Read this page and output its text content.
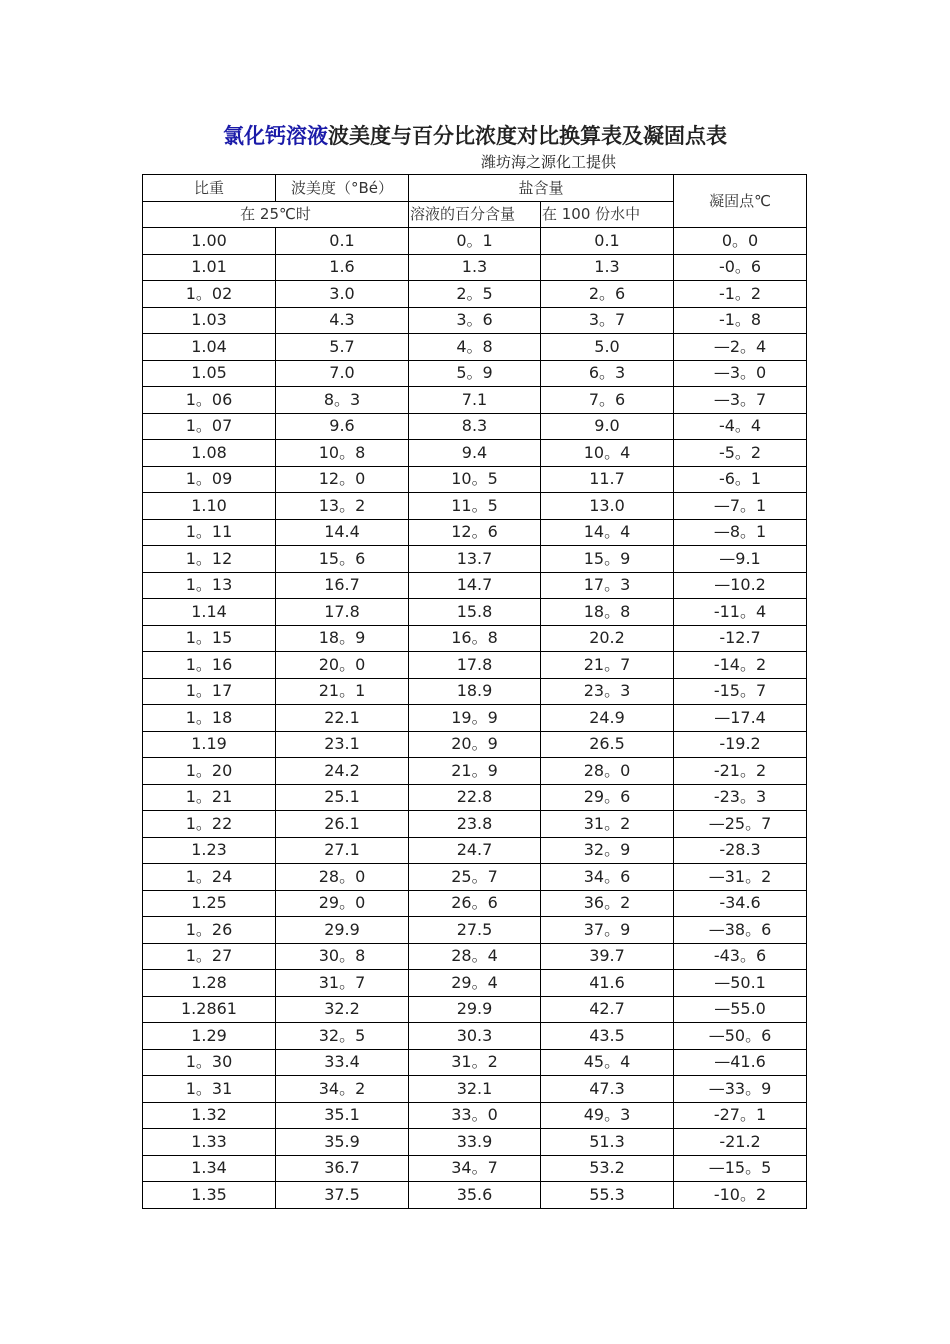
氯化钙溶液波美度与百分比浓度对比换算表及凝固点表
潍坊海之源化工提供
比重	波美度（°Bé）	盐含量		凝固点℃
在 25℃时		溶液的百分含量	在 100 份水中	
1.00	0.1	0。1	0.1	0。0
1.01	1.6	1.3	1.3	-0。6
1。02	3.0	2。5	2。6	-1。2
1.03	4.3	3。6	3。7	-1。8
1.04	5.7	4。8	5.0	—2。4
1.05	7.0	5。9	6。3	—3。0
1。06	8。3	7.1	7。6	—3。7
1。07	9.6	8.3	9.0	-4。4
1.08	10。8	9.4	10。4	-5。2
1。09	12。0	10。5	11.7	-6。1
1.10	13。2	11。5	13.0	—7。1
1。11	14.4	12。6	14。4	—8。1
1。12	15。6	13.7	15。9	—9.1
1。13	16.7	14.7	17。3	—10.2
1.14	17.8	15.8	18。8	-11。4
1。15	18。9	16。8	20.2	-12.7
1。16	20。0	17.8	21。7	-14。2
1。17	21。1	18.9	23。3	-15。7
1。18	22.1	19。9	24.9	—17.4
1.19	23.1	20。9	26.5	-19.2
1。20	24.2	21。9	28。0	-21。2
1。21	25.1	22.8	29。6	-23。3
1。22	26.1	23.8	31。2	—25。7
1.23	27.1	24.7	32。9	-28.3
1。24	28。0	25。7	34。6	—31。2
1.25	29。0	26。6	36。2	-34.6
1。26	29.9	27.5	37。9	—38。6
1。27	30。8	28。4	39.7	-43。6
1.28	31。7	29。4	41.6	—50.1
1.2861	32.2	29.9	42.7	—55.0
1.29	32。5	30.3	43.5	—50。6
1。30	33.4	31。2	45。4	—41.6
1。31	34。2	32.1	47.3	—33。9
1.32	35.1	33。0	49。3	-27。1
1.33	35.9	33.9	51.3	-21.2
1.34	36.7	34。7	53.2	—15。5
1.35	37.5	35.6	55.3	-10。2
